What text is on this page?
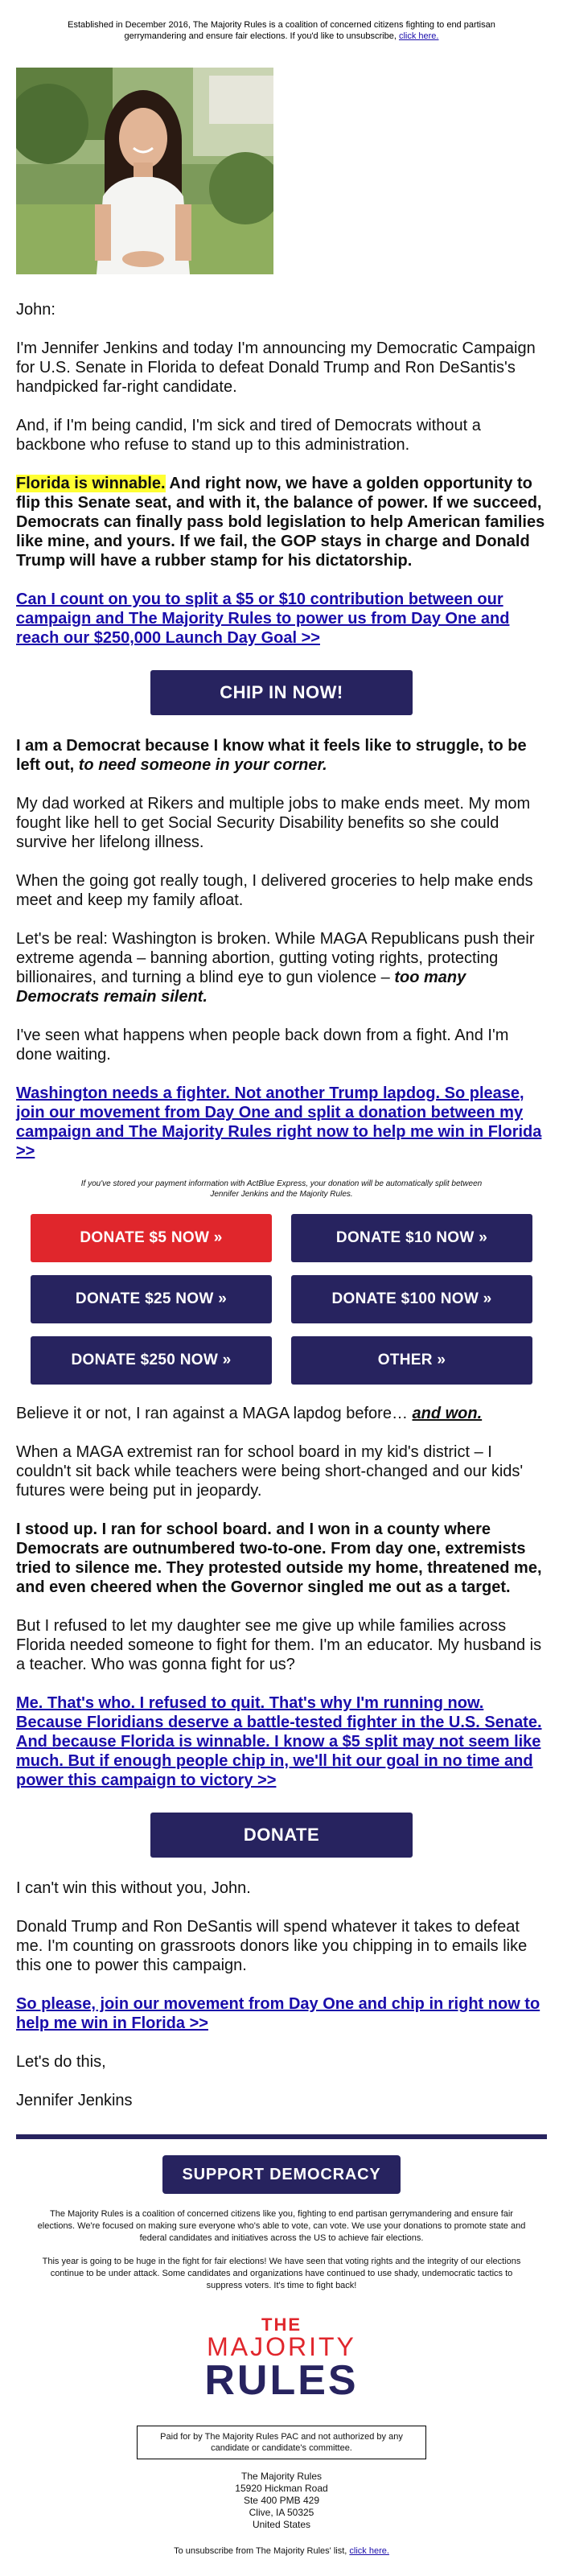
Established in December 2016, The Majority Rules is a coalition of concerned citizens fighting to end partisan gerrymandering and ensure fair elections. If you'd like to unsubscribe, click here.

John:

I'm Jennifer Jenkins and today I'm announcing my Democratic Campaign for U.S. Senate in Florida to defeat Donald Trump and Ron DeSantis's handpicked far-right candidate.

And, if I'm being candid, I'm sick and tired of Democrats without a backbone who refuse to stand up to this administration.

Florida is winnable. And right now, we have a golden opportunity to flip this Senate seat, and with it, the balance of power. If we succeed, Democrats can finally pass bold legislation to help American families like mine, and yours. If we fail, the GOP stays in charge and Donald Trump will have a rubber stamp for his dictatorship.

Can I count on you to split a $5 or $10 contribution between our campaign and The Majority Rules to power us from Day One and reach our $250,000 Launch Day Goal >>

CHIP IN NOW!

I am a Democrat because I know what it feels like to struggle, to be left out, to need someone in your corner.

My dad worked at Rikers and multiple jobs to make ends meet. My mom fought like hell to get Social Security Disability benefits so she could survive her lifelong illness.

When the going got really tough, I delivered groceries to help make ends meet and keep my family afloat.

Let's be real: Washington is broken. While MAGA Republicans push their extreme agenda – banning abortion, gutting voting rights, protecting billionaires, and turning a blind eye to gun violence – too many Democrats remain silent.

I've seen what happens when people back down from a fight. And I'm done waiting.

Washington needs a fighter. Not another Trump lapdog. So please, join our movement from Day One and split a donation between my campaign and The Majority Rules right now to help me win in Florida >>

If you've stored your payment information with ActBlue Express, your donation will be automatically split between Jennifer Jenkins and the Majority Rules.
DONATE $5 NOW »	DONATE $10 NOW »
DONATE $25 NOW »	DONATE $100 NOW »
DONATE $250 NOW »	OTHER »

Believe it or not, I ran against a MAGA lapdog before… and won.

When a MAGA extremist ran for school board in my kid's district – I couldn't sit back while teachers were being short-changed and our kids' futures were being put in jeopardy.

I stood up. I ran for school board. and I won in a county where Democrats are outnumbered two-to-one. From day one, extremists tried to silence me. They protested outside my home, threatened me, and even cheered when the Governor singled me out as a target.

But I refused to let my daughter see me give up while families across Florida needed someone to fight for them. I'm an educator. My husband is a teacher. Who was gonna fight for us?

Me. That's who. I refused to quit. That's why I'm running now. Because Floridians deserve a battle-tested fighter in the U.S. Senate. And because Florida is winnable. I know a $5 split may not seem like much. But if enough people chip in, we'll hit our goal in no time and power this campaign to victory >>

DONATE

I can't win this without you, John.

Donald Trump and Ron DeSantis will spend whatever it takes to defeat me. I'm counting on grassroots donors like you chipping in to emails like this one to power this campaign.

So please, join our movement from Day One and chip in right now to help me win in Florida >>

Let's do this,

Jennifer Jenkins

SUPPORT DEMOCRACY

The Majority Rules is a coalition of concerned citizens like you, fighting to end partisan gerrymandering and ensure fair elections. We're focused on making sure everyone who's able to vote, can vote. We use your donations to promote state and federal candidates and initiatives across the US to achieve fair elections.

This year is going to be huge in the fight for fair elections! We have seen that voting rights and the integrity of our elections continue to be under attack. Some candidates and organizations have continued to use shady, undemocratic tactics to suppress voters. It's time to fight back!

THE
MAJORITY
RULES
Paid for by The Majority Rules PAC and not authorized by any candidate or candidate's committee.
The Majority Rules
15920 Hickman Road
Ste 400 PMB 429
Clive, IA 50325
United States
To unsubscribe from The Majority Rules' list, click here.
